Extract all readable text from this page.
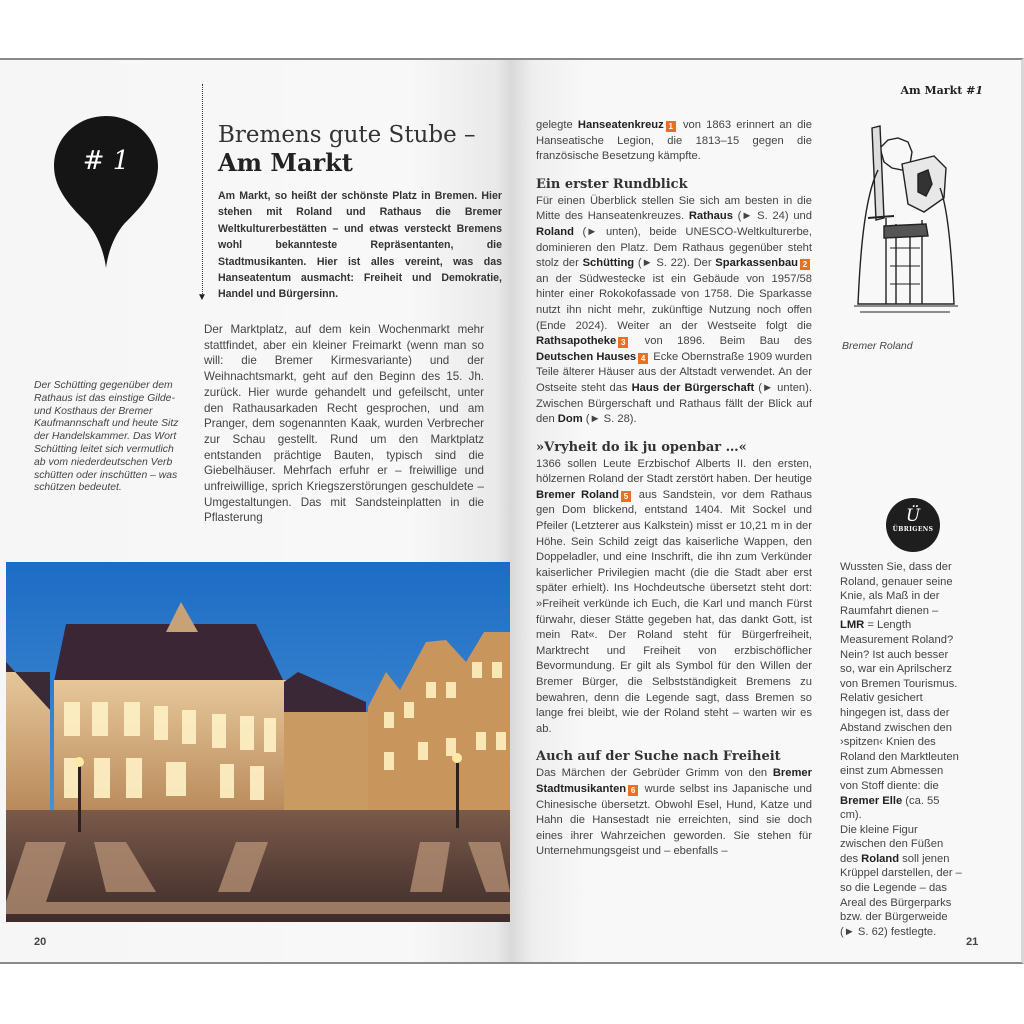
# 1
▼
Bremens gute Stube –
Am Markt
Am Markt, so heißt der schönste Platz in Bremen. Hier stehen mit Roland und Rathaus die Bremer Weltkulturerbestätten – und etwas versteckt Bremens wohl bekannteste Repräsentanten, die Stadtmusikanten. Hier ist alles vereint, was das Hanseatentum ausmacht: Freiheit und Demokratie, Handel und Bürgersinn.
Der Schütting gegenüber dem Rathaus ist das einstige Gilde- und Kosthaus der Bremer Kaufmannschaft und heute Sitz der Handelskammer. Das Wort Schütting leitet sich vermutlich ab vom niederdeutschen Verb schütten oder inschütten – was schützen bedeutet.
Der Marktplatz, auf dem kein Wochenmarkt mehr stattfindet, aber ein kleiner Freimarkt (wenn man so will: die Bremer Kirmesvariante) und der Weihnachtsmarkt, geht auf den Beginn des 15. Jh. zurück. Hier wurde gehandelt und gefeilscht, unter den Rathausarkaden Recht gesprochen, und am Pranger, dem sogenannten Kaak, wurden Verbrecher zur Schau gestellt. Rund um den Marktplatz entstanden prächtige Bauten, typisch sind die Giebelhäuser. Mehrfach erfuhr er – freiwillige und unfreiwillige, sprich Kriegszerstörungen geschuldete – Umgestaltungen. Das mit Sandsteinplatten in die Pflasterung
20
Am Markt #1

gelegte Hanseatenkreuz 1 von 1863 erinnert an die Hanseatische Legion, die 1813–15 gegen die französische Besetzung kämpfte.

Ein erster Rundblick

Für einen Überblick stellen Sie sich am besten in die Mitte des Hanseatenkreuzes. Rathaus (► S. 24) und Roland (► unten), beide UNESCO-Weltkulturerbe, dominieren den Platz. Dem Rathaus gegenüber steht stolz der Schütting (► S. 22). Der Sparkassenbau 2 an der Südwestecke ist ein Gebäude von 1957/58 hinter einer Rokokofassade von 1758. Die Sparkasse nutzt ihn nicht mehr, zukünftige Nutzung noch offen (Ende 2024). Weiter an der Westseite folgt die Rathsapotheke 3 von 1896. Beim Bau des Deutschen Hauses 4 Ecke Obernstraße 1909 wurden Teile älterer Häuser aus der Altstadt verwendet. An der Ostseite steht das Haus der Bürgerschaft (► unten). Zwischen Bürgerschaft und Rathaus fällt der Blick auf den Dom (► S. 28).

»Vryheit do ik ju openbar …«

1366 sollen Leute Erzbischof Alberts II. den ersten, hölzernen Roland der Stadt zerstört haben. Der heutige Bremer Roland 5 aus Sandstein, vor dem Rathaus gen Dom blickend, entstand 1404. Mit Sockel und Pfeiler (Letzterer aus Kalkstein) misst er 10,21 m in der Höhe. Sein Schild zeigt das kaiserliche Wappen, den Doppeladler, und eine Inschrift, die ihn zum Verkünder kaiserlicher Privilegien macht (die die Stadt aber erst später erhielt). Ins Hochdeutsche übersetzt steht dort: »Freiheit verkünde ich Euch, die Karl und manch Fürst fürwahr, dieser Stätte gegeben hat, das dankt Gott, ist mein Rat«. Der Roland steht für Bürgerfreiheit, Marktrecht und Freiheit von erzbischöflicher Bevormundung. Er gilt als Symbol für den Willen der Bremer Bürger, die Selbstständigkeit Bremens zu bewahren, denn die Legende sagt, dass Bremen so lange frei bleibt, wie der Roland steht – warten wir es ab.

Auch auf der Suche nach Freiheit

Das Märchen der Gebrüder Grimm von den Bremer Stadtmusikanten 6 wurde selbst ins Japanische und Chinesische übersetzt. Obwohl Esel, Hund, Katze und Hahn die Hansestadt nie erreichten, sind sie doch eines ihrer Wahrzeichen geworden. Sie stehen für Unternehmungsgeist und – ebenfalls –

Bremer Roland
Ü
ÜBRIGENS
Wussten Sie, dass der Roland, genauer seine Knie, als Maß in der Raumfahrt dienen – LMR = Length Measurement Roland? Nein? Ist auch besser so, war ein Aprilscherz von Bremen Tourismus. Relativ gesichert hingegen ist, dass der Abstand zwischen den ›spitzen‹ Knien des Roland den Marktleuten einst zum Abmessen von Stoff diente: die Bremer Elle (ca. 55 cm).
Die kleine Figur zwischen den Füßen des Roland soll jenen Krüppel darstellen, der – so die Legende – das Areal des Bürgerparks bzw. der Bürgerweide (► S. 62) festlegte.
21
